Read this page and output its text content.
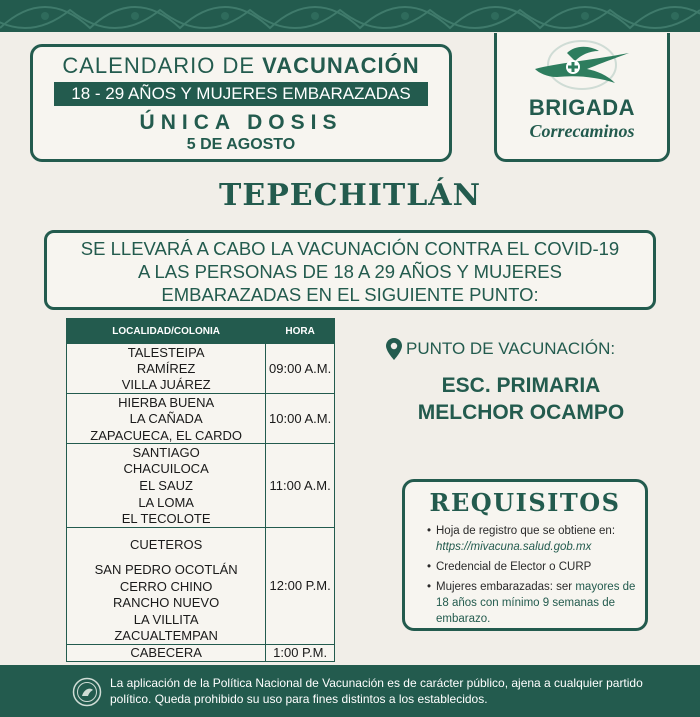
CALENDARIO DE VACUNACIÓN
18 - 29 AÑOS Y MUJERES EMBARAZADAS
ÚNICA DOSIS
5 DE AGOSTO
BRIGADA
Correcaminos
TEPECHITLÁN
SE LLEVARÁ A CABO LA VACUNACIÓN CONTRA EL COVID-19
A LAS PERSONAS DE 18 A 29 AÑOS Y MUJERES
EMBARAZADAS EN EL SIGUIENTE PUNTO:
LOCALIDAD/COLONIA	HORA
TALESTEIPA	09:00 A.M.
RAMÍREZ	
VILLA JUÁREZ	
HIERBA BUENA	10:00 A.M.
LA CAÑADA	
ZAPACUECA, EL CARDO	
SANTIAGO	11:00 A.M.
CHACUILOCA	
EL SAUZ	
LA LOMA	
EL TECOLOTE	
CUETEROS	12:00 P.M.
SAN PEDRO OCOTLÁN	
CERRO CHINO	
RANCHO NUEVO	
LA VILLITA	
ZACUALTEMPAN	
CABECERA	1:00 P.M.
PUNTO DE VACUNACIÓN:
ESC. PRIMARIA
MELCHOR OCAMPO
REQUISITOS
• Hoja de registro que se obtiene en: https://mivacuna.salud.gob.mx
• Credencial de Elector o CURP
• Mujeres embarazadas: ser mayores de 18 años con mínimo 9 semanas de embarazo.
La aplicación de la Política Nacional de Vacunación es de carácter público, ajena a cualquier partido político. Queda prohibido su uso para fines distintos a los establecidos.
